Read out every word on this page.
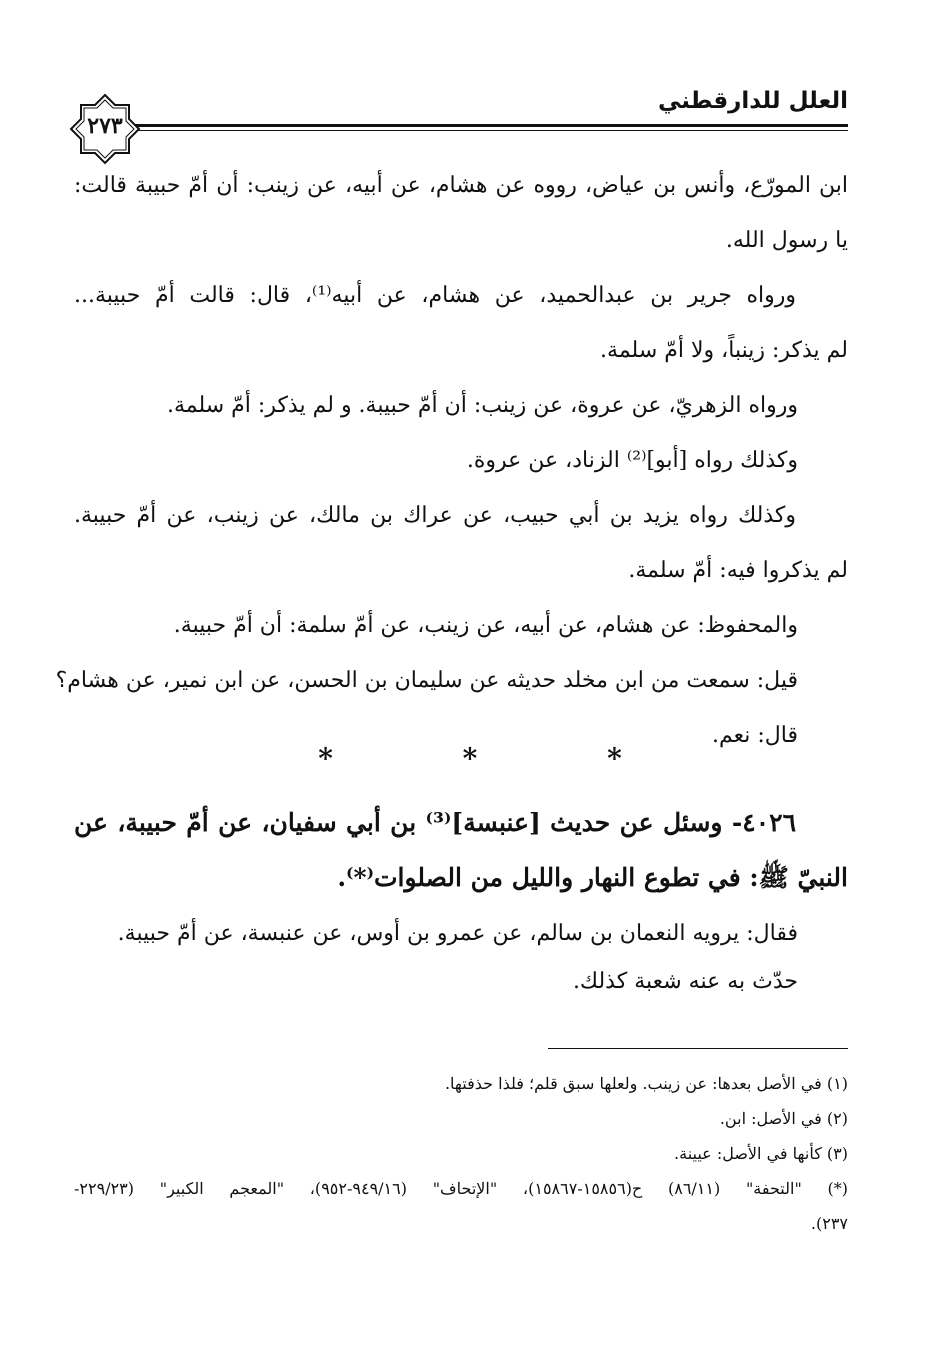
العلل للدارقطني
٢٧٣
ابن المورّع، وأنس بن عياض، رووه عن هشام، عن أبيه، عن زينب: أن أمّ حبيبة قالت:
يا رسول الله.
ورواه جرير بن عبدالحميد، عن هشام، عن أبيه⁽¹⁾، قال: قالت أمّ حبيبة...
لم يذكر: زينباً، ولا أمّ سلمة.
ورواه الزهريّ، عن عروة، عن زينب: أن أمّ حبيبة. و لم يذكر: أمّ سلمة.
وكذلك رواه [أبو]⁽²⁾ الزناد، عن عروة.
وكذلك رواه يزيد بن أبي حبيب، عن عراك بن مالك، عن زينب، عن أمّ حبيبة.
لم يذكروا فيه: أمّ سلمة.
والمحفوظ: عن هشام، عن أبيه، عن زينب، عن أمّ سلمة: أن أمّ حبيبة.
قيل: سمعت من ابن مخلد حديثه عن سليمان بن الحسن، عن ابن نمير، عن هشام؟
قال: نعم.
* * *
٤٠٢٦- وسئل عن حديث [عنبسة]⁽³⁾ بن أبي سفيان، عن أمّ حبيبة، عن
النبيّ ﷺ: في تطوع النهار والليل من الصلوات⁽*⁾.
فقال: يرويه النعمان بن سالم، عن عمرو بن أوس، عن عنبسة، عن أمّ حبيبة.
حدّث به عنه شعبة كذلك.
(١) في الأصل بعدها: عن زينب. ولعلها سبق قلم؛ فلذا حذفتها.
(٢) في الأصل: ابن.
(٣) كأنها في الأصل: عيينة.
(*) "التحفة" (٨٦/١١) ح(١٥٨٥٦-١٥٨٦٧)، "الإتحاف" (٩٤٩/١٦-٩٥٢)، "المعجم الكبير" (٢٢٩/٢٣-
٢٣٧).
